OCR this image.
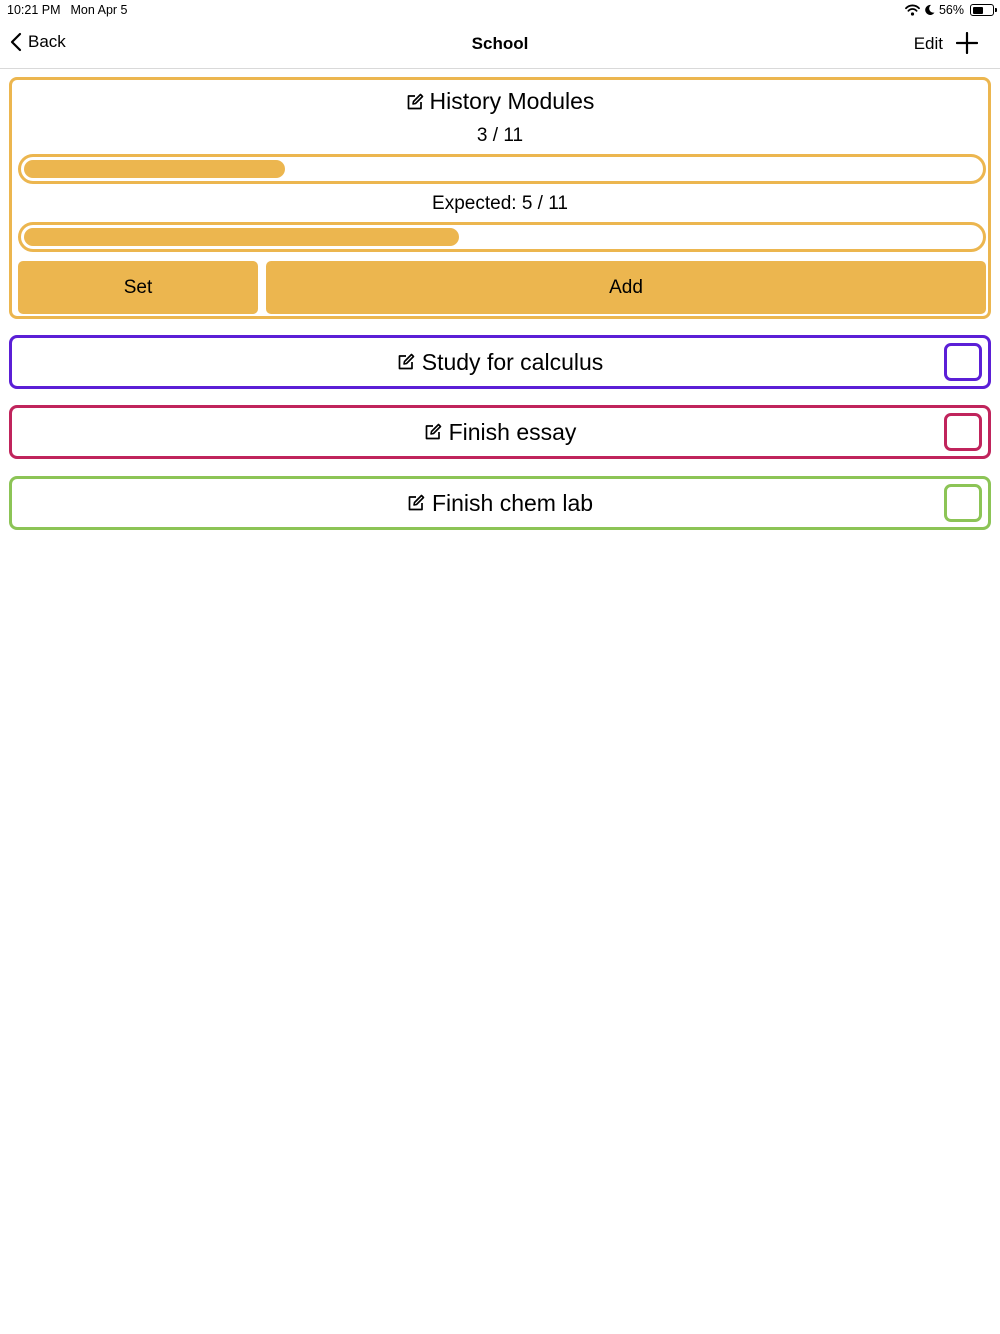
10:21 PM Mon Apr 5	56%
Back	School	Edit
History Modules
3 / 11
Expected: 5 / 11
Set	Add
Study for calculus
Finish essay
Finish chem lab
